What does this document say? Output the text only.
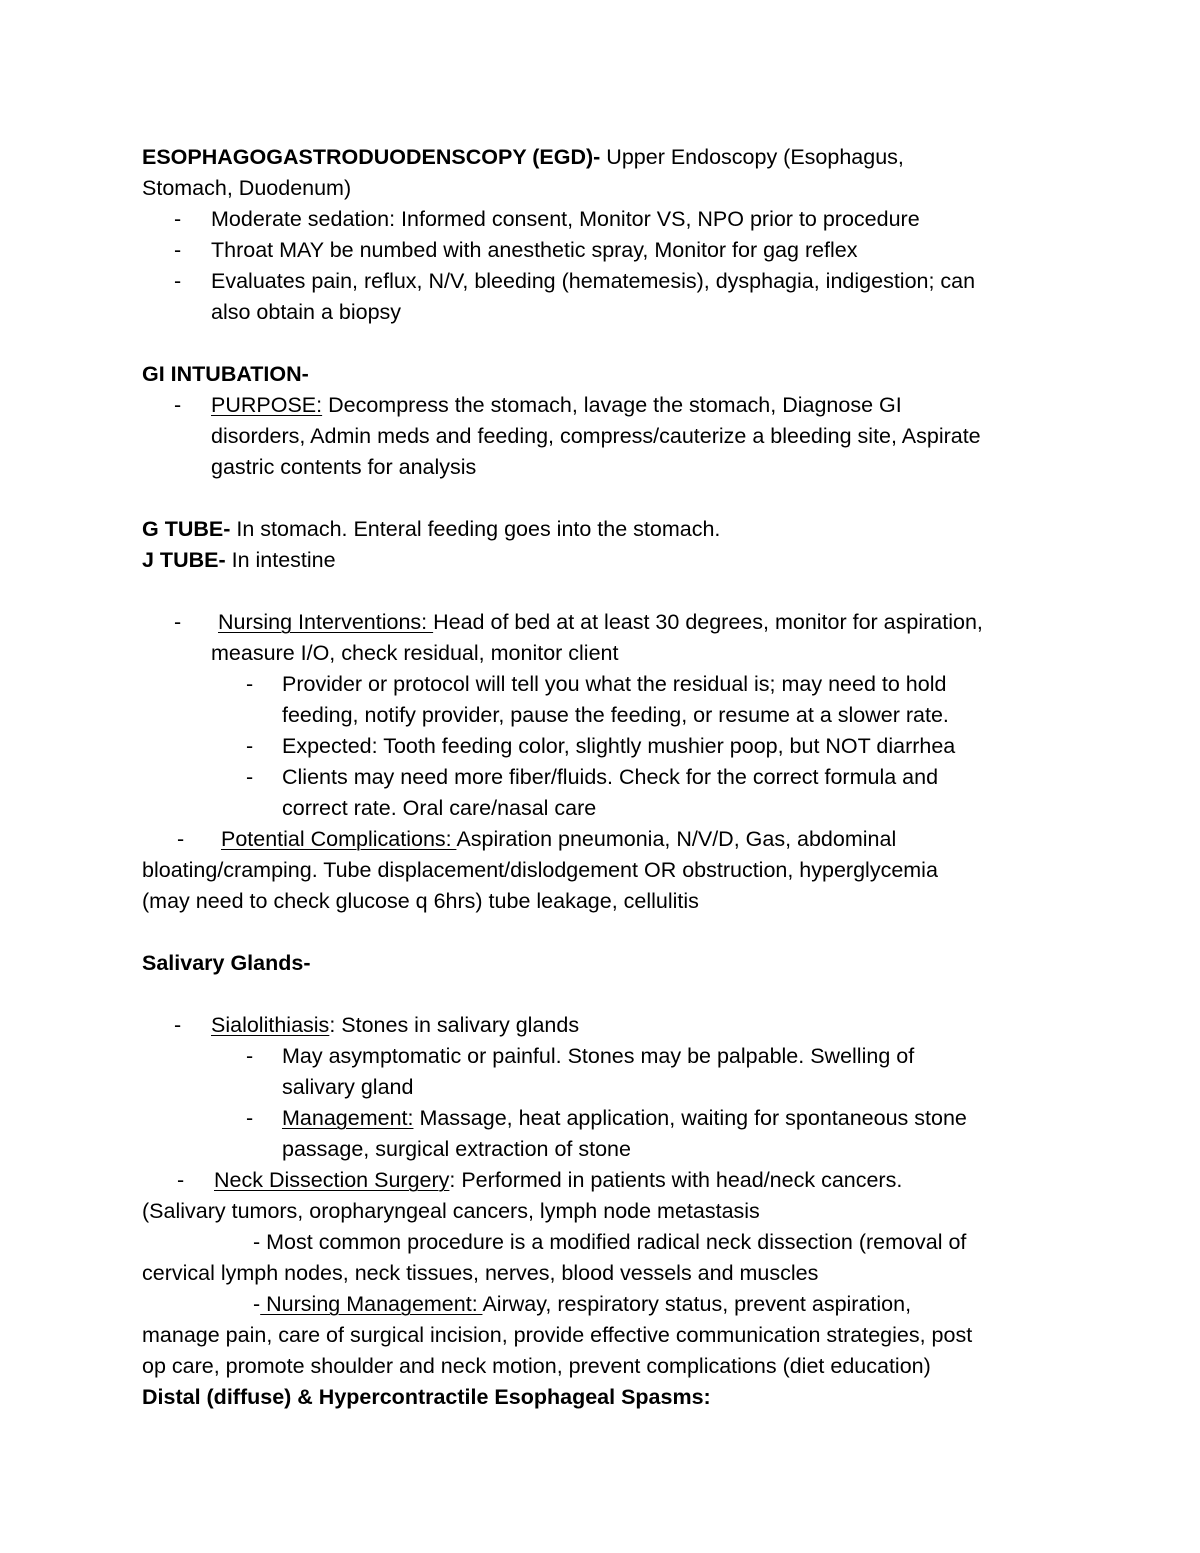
ESOPHAGOGASTRODUODENSCOPY (EGD)- Upper Endoscopy (Esophagus,
Stomach, Duodenum)
- Moderate sedation: Informed consent, Monitor VS, NPO prior to procedure
- Throat MAY be numbed with anesthetic spray, Monitor for gag reflex
- Evaluates pain, reflux, N/V, bleeding (hematemesis), dysphagia, indigestion; can
also obtain a biopsy
GI INTUBATION-
- PURPOSE: Decompress the stomach, lavage the stomach, Diagnose GI
disorders, Admin meds and feeding, compress/cauterize a bleeding site, Aspirate
gastric contents for analysis
G TUBE- In stomach. Enteral feeding goes into the stomach.
J TUBE- In intestine
- Nursing Interventions: Head of bed at at least 30 degrees, monitor for aspiration,
measure I/O, check residual, monitor client
- Provider or protocol will tell you what the residual is; may need to hold
feeding, notify provider, pause the feeding, or resume at a slower rate.
- Expected: Tooth feeding color, slightly mushier poop, but NOT diarrhea
- Clients may need more fiber/fluids. Check for the correct formula and
correct rate. Oral care/nasal care
- Potential Complications: Aspiration pneumonia, N/V/D, Gas, abdominal
bloating/cramping. Tube displacement/dislodgement OR obstruction, hyperglycemia
(may need to check glucose q 6hrs) tube leakage, cellulitis
Salivary Glands-
- Sialolithiasis: Stones in salivary glands
- May asymptomatic or painful. Stones may be palpable. Swelling of
salivary gland
- Management: Massage, heat application, waiting for spontaneous stone
passage, surgical extraction of stone
- Neck Dissection Surgery: Performed in patients with head/neck cancers.
(Salivary tumors, oropharyngeal cancers, lymph node metastasis
- Most common procedure is a modified radical neck dissection (removal of
cervical lymph nodes, neck tissues, nerves, blood vessels and muscles
- Nursing Management: Airway, respiratory status, prevent aspiration,
manage pain, care of surgical incision, provide effective communication strategies, post
op care, promote shoulder and neck motion, prevent complications (diet education)
Distal (diffuse) & Hypercontractile Esophageal Spasms:
